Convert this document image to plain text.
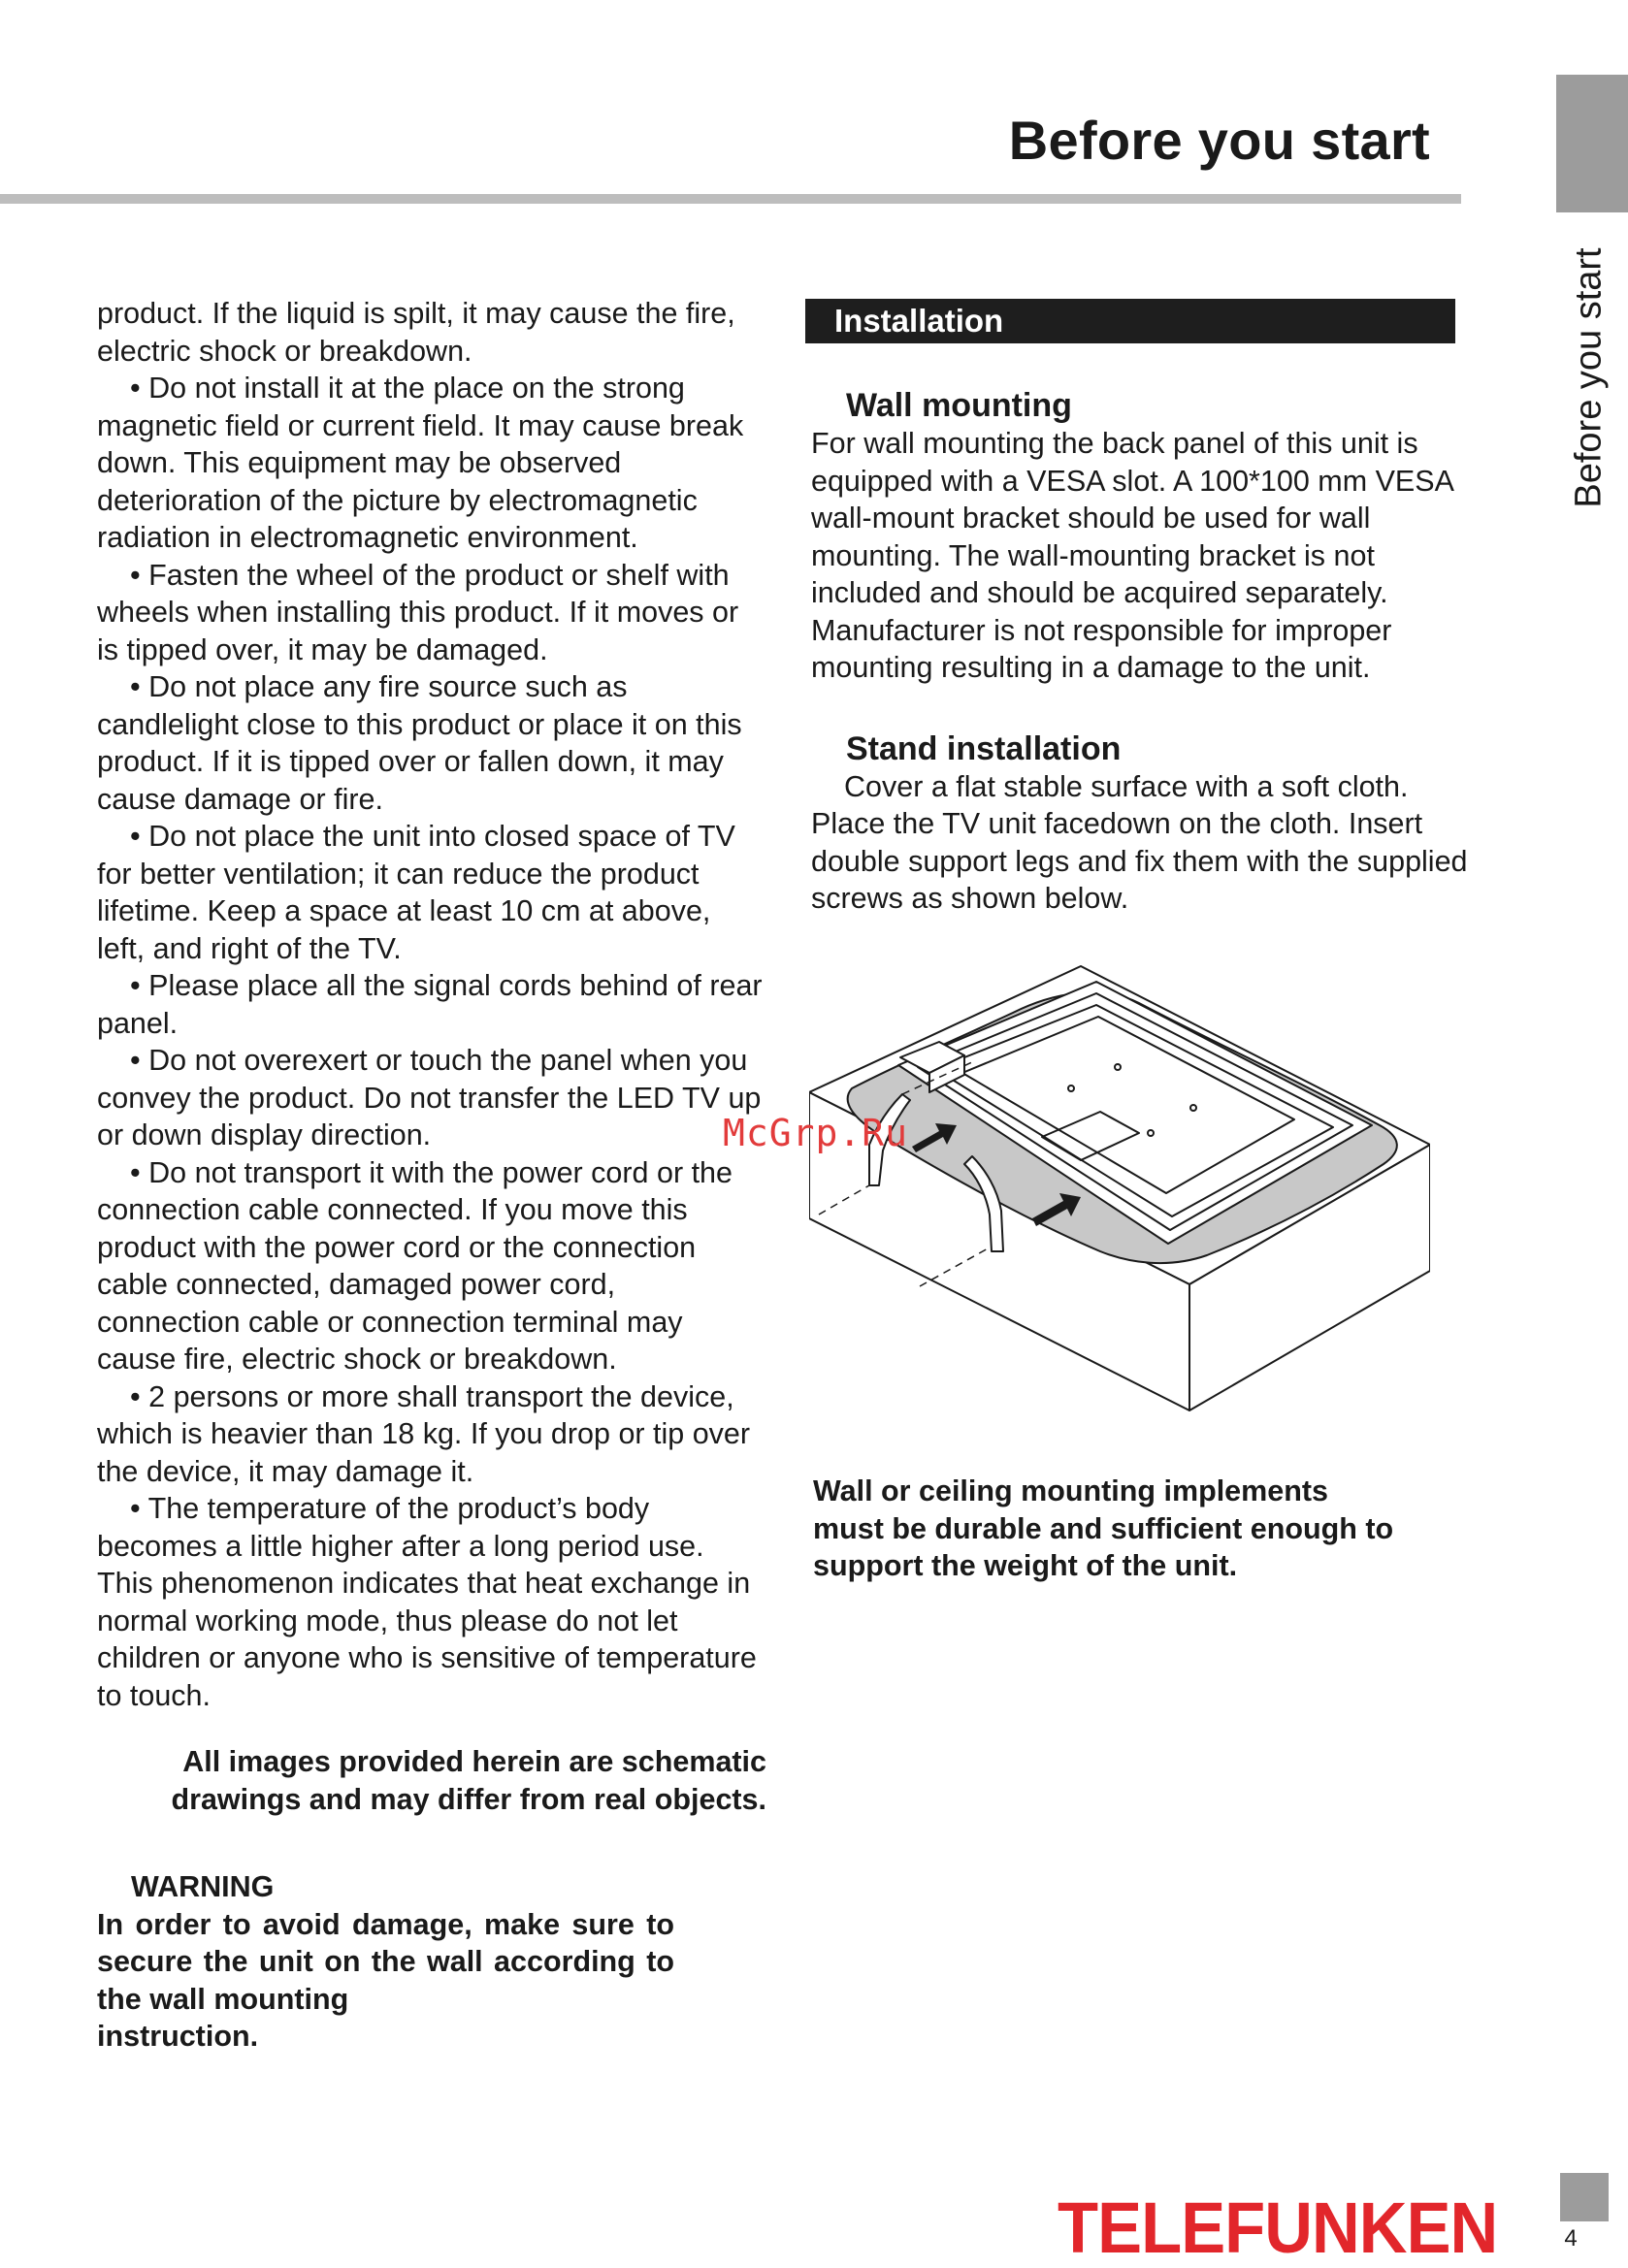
Before you start
Before you start

product. If the liquid is spilt, it may cause the fire, electric shock or breakdown.

• Do not install it at the place on the strong magnetic field or current field. It may cause break down. This equipment may be observed deterioration of the picture by electromagnetic radiation in electromagnetic environment.

• Fasten the wheel of the product or shelf with wheels when installing this product. If it moves or is tipped over, it may be damaged.

• Do not place any fire source such as candlelight close to this product or place it on this product. If it is tipped over or fallen down, it may cause damage or fire.

• Do not place the unit into closed space of TV for better ventilation; it can reduce the product lifetime. Keep a space at least 10 cm at above, left, and right of the TV.

• Please place all the signal cords behind of rear panel.

• Do not overexert or touch the panel when you convey the product. Do not transfer the LED TV up or down display direction.

• Do not transport it with the power cord or the connection cable connected. If you move this product with the power cord or the connection cable connected, damaged power cord, connection cable or connection terminal may cause fire, electric shock or breakdown.

• 2 persons or more shall transport the device, which is heavier than 18 kg. If you drop or tip over the device, it may damage it.

• The temperature of the product’s body becomes a little higher after a long period use. This phenomenon indicates that heat exchange in normal working mode, thus please do not let children or anyone who is sensitive of temperature to touch.

All images provided herein are schematic

drawings and may differ from real objects.

WARNING

In order to avoid damage, make sure to secure the unit on the wall according to the wall mounting

instruction.

Installation

Wall mounting

For wall mounting the back panel of this unit is equipped with a VESA slot. A 100*100 mm VESA wall-mount bracket should be used for wall mounting. The wall-mounting bracket is not included and should be acquired separately. Manufacturer is not responsible for improper mounting resulting in a damage to the unit.

Stand installation

Cover a flat stable surface with a soft cloth. Place the TV unit facedown on the cloth. Insert double support legs and fix them with the supplied screws as shown below.

McGrp.Ru
Wall or ceiling mounting implements
must be durable and sufficient enough to
support the weight of the unit.
TELEFUNKEN	4
